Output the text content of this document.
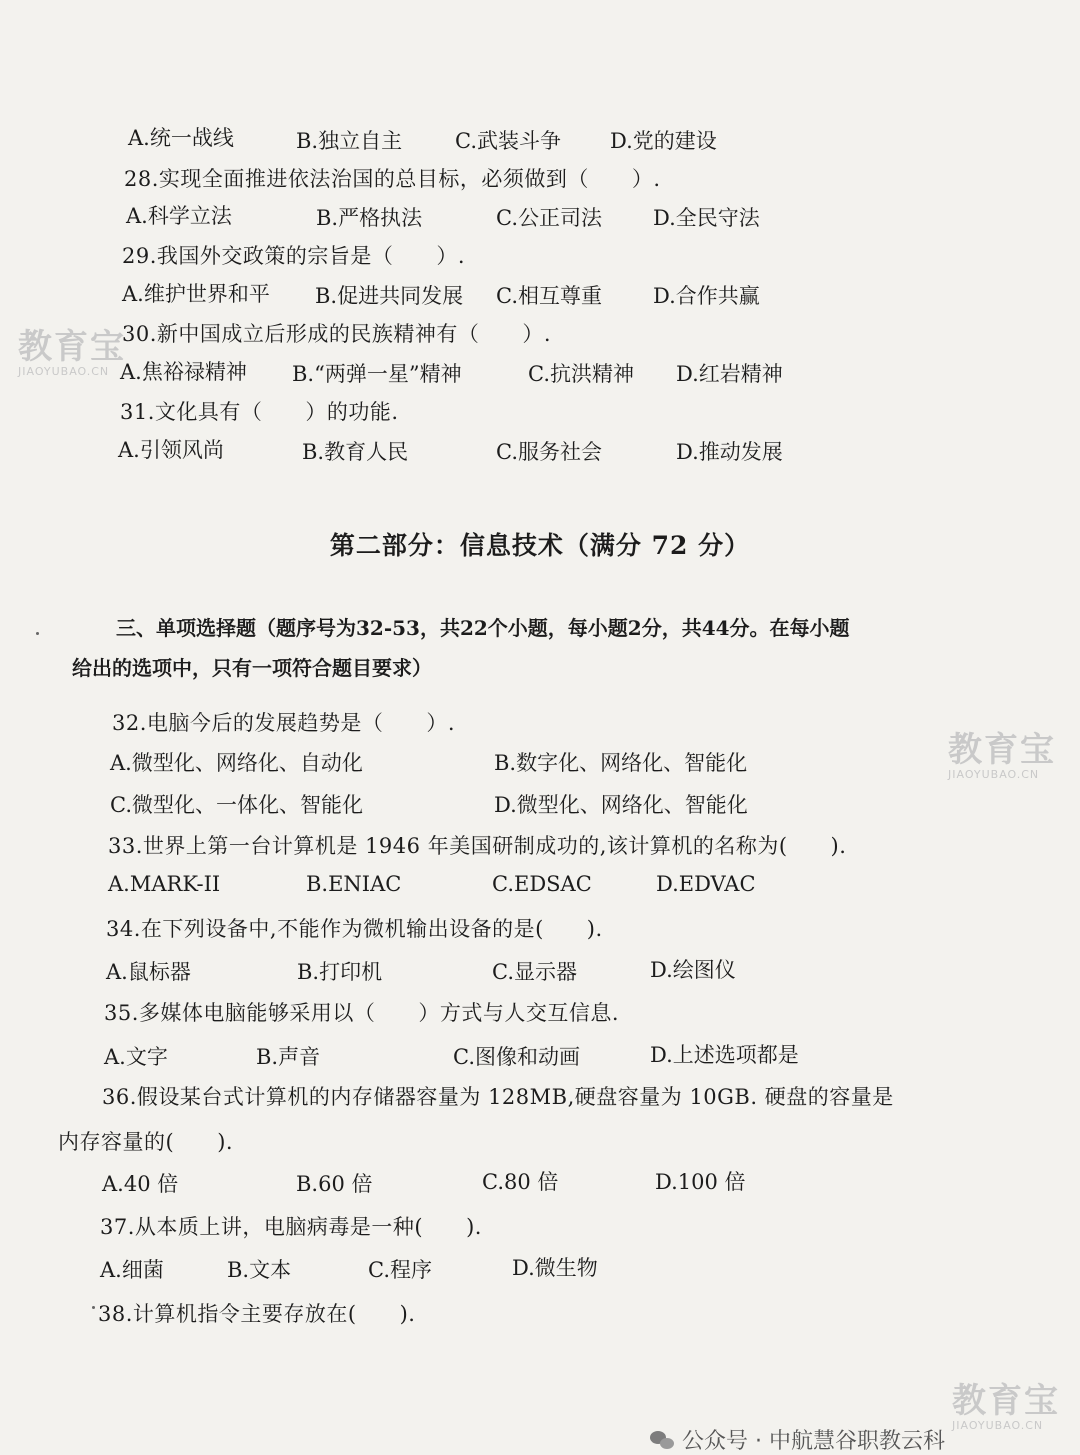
A.统一战线	B.独立自主	C.武装斗争 D.党的建设
28.实现全面推进依法治国的总目标，必须做到（　　）.
A.科学立法	B.严格执法	C.公正司法 D.全民守法
29.我国外交政策的宗旨是（　　）.
A.维护世界和平 B.促进共同发展 C.相互尊重 D.合作共赢
30.新中国成立后形成的民族精神有（　　）.
A.焦裕禄精神 B.“两弹一星”精神	C.抗洪精神 D.红岩精神
31.文化具有（　　）的功能.
A.引领风尚	B.教育人民	C.服务社会	D.推动发展
第二部分：信息技术（满分 72 分）
三、单项选择题（题序号为32-53，共22个小题，每小题2分，共44分。在每小题
给出的选项中，只有一项符合题目要求）
32.电脑今后的发展趋势是（　　）.
A.微型化、网络化、自动化	B.数字化、网络化、智能化
C.微型化、一体化、智能化	D.微型化、网络化、智能化
33.世界上第一台计算机是 1946 年美国研制成功的,该计算机的名称为(　　).
A.MARK-II	B.ENIAC	C.EDSAC	D.EDVAC
34.在下列设备中,不能作为微机输出设备的是(　　).
A.鼠标器	B.打印机	C.显示器	D.绘图仪
35.多媒体电脑能够采用以（　　）方式与人交互信息.
A.文字	B.声音	C.图像和动画	D.上述选项都是
36.假设某台式计算机的内存储器容量为 128MB,硬盘容量为 10GB. 硬盘的容量是
内存容量的(　　).
A.40 倍	B.60 倍	C.80 倍	D.100 倍
37.从本质上讲，电脑病毒是一种(　　).
A.细菌	B.文本	C.程序	D.微生物
38.计算机指令主要存放在(　　).
教育宝
JIAOYUBAO.CN
教育宝
JIAOYUBAO.CN
教育宝
JIAOYUBAO.CN
公众号 · 中航慧谷职教云科
